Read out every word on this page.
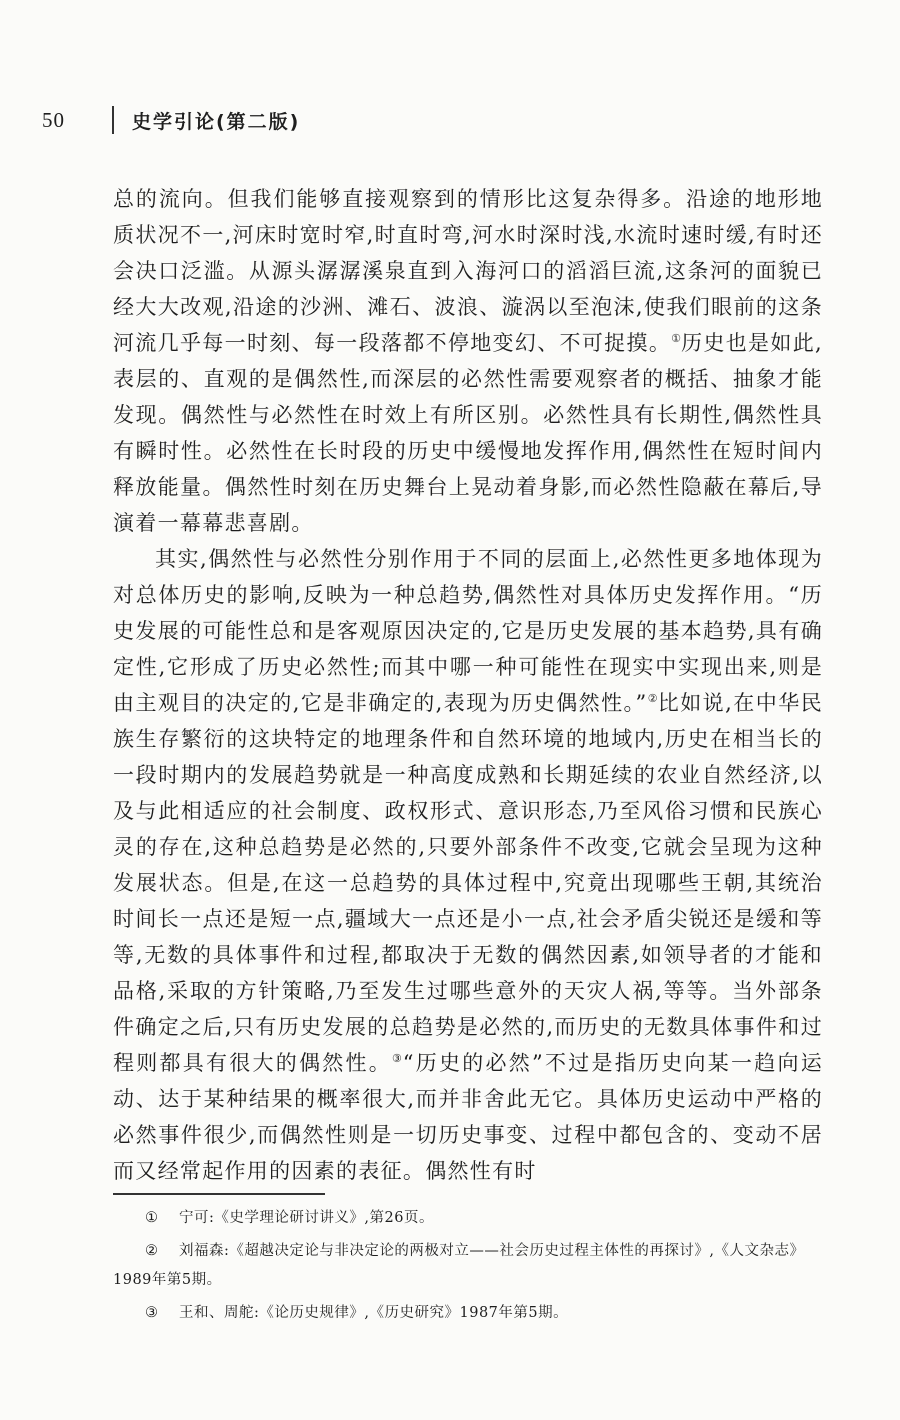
50	史学引论(第二版)

总的流向。但我们能够直接观察到的情形比这复杂得多。沿途的地形地质状况不一,河床时宽时窄,时直时弯,河水时深时浅,水流时速时缓,有时还会决口泛滥。从源头潺潺溪泉直到入海河口的滔滔巨流,这条河的面貌已经大大改观,沿途的沙洲、滩石、波浪、漩涡以至泡沫,使我们眼前的这条河流几乎每一时刻、每一段落都不停地变幻、不可捉摸。①历史也是如此,表层的、直观的是偶然性,而深层的必然性需要观察者的概括、抽象才能发现。偶然性与必然性在时效上有所区别。必然性具有长期性,偶然性具有瞬时性。必然性在长时段的历史中缓慢地发挥作用,偶然性在短时间内释放能量。偶然性时刻在历史舞台上晃动着身影,而必然性隐蔽在幕后,导演着一幕幕悲喜剧。

其实,偶然性与必然性分别作用于不同的层面上,必然性更多地体现为对总体历史的影响,反映为一种总趋势,偶然性对具体历史发挥作用。“历史发展的可能性总和是客观原因决定的,它是历史发展的基本趋势,具有确定性,它形成了历史必然性;而其中哪一种可能性在现实中实现出来,则是由主观目的决定的,它是非确定的,表现为历史偶然性。”②比如说,在中华民族生存繁衍的这块特定的地理条件和自然环境的地域内,历史在相当长的一段时期内的发展趋势就是一种高度成熟和长期延续的农业自然经济,以及与此相适应的社会制度、政权形式、意识形态,乃至风俗习惯和民族心灵的存在,这种总趋势是必然的,只要外部条件不改变,它就会呈现为这种发展状态。但是,在这一总趋势的具体过程中,究竟出现哪些王朝,其统治时间长一点还是短一点,疆域大一点还是小一点,社会矛盾尖锐还是缓和等等,无数的具体事件和过程,都取决于无数的偶然因素,如领导者的才能和品格,采取的方针策略,乃至发生过哪些意外的天灾人祸,等等。当外部条件确定之后,只有历史发展的总趋势是必然的,而历史的无数具体事件和过程则都具有很大的偶然性。③“历史的必然”不过是指历史向某一趋向运动、达于某种结果的概率很大,而并非舍此无它。具体历史运动中严格的必然事件很少,而偶然性则是一切历史事变、过程中都包含的、变动不居而又经常起作用的因素的表征。偶然性有时

① 宁可:《史学理论研讨讲义》,第26页。

② 刘福森:《超越决定论与非决定论的两极对立——社会历史过程主体性的再探讨》,《人文杂志》1989年第5期。

③ 王和、周舵:《论历史规律》,《历史研究》1987年第5期。
